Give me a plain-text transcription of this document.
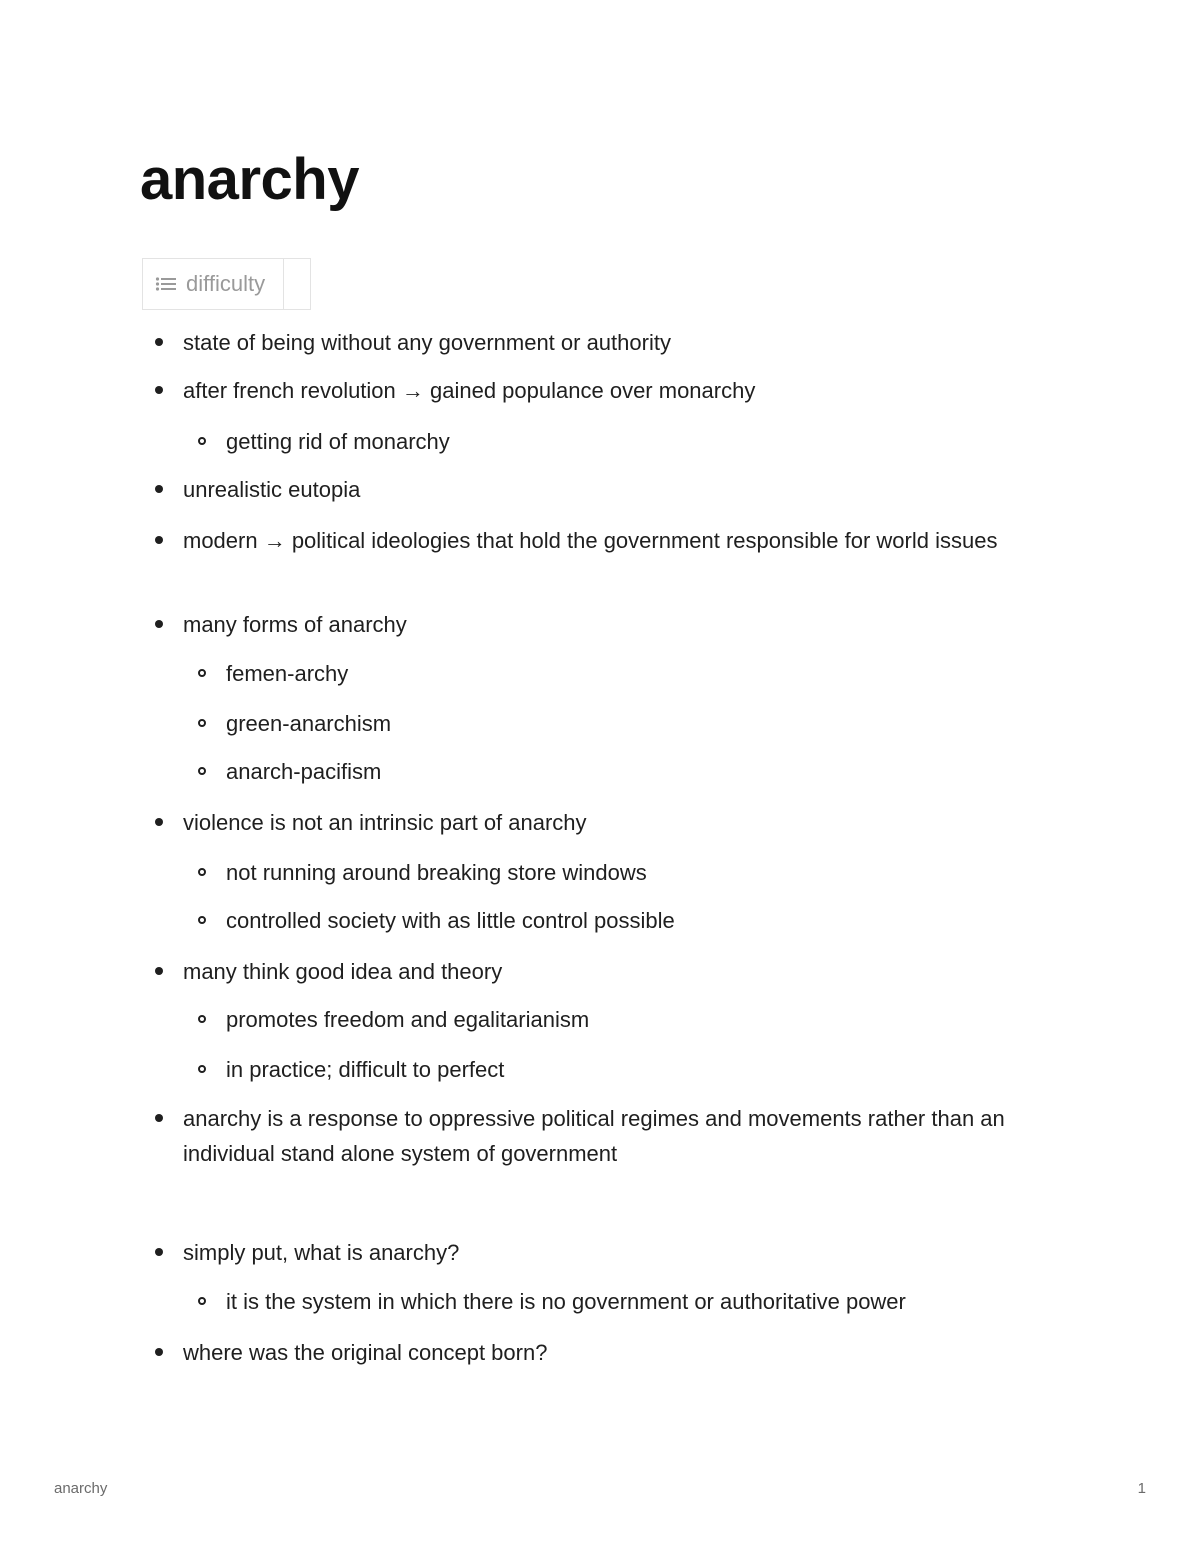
anarchy
difficulty
state of being without any government or authority
after french revolution → gained populance over monarchy
getting rid of monarchy
unrealistic eutopia
modern → political ideologies that hold the government responsible for world issues
many forms of anarchy
femen-archy
green-anarchism
anarch-pacifism
violence is not an intrinsic part of anarchy
not running around breaking store windows
controlled society with as little control possible
many think good idea and theory
promotes freedom and egalitarianism
in practice; difficult to perfect
anarchy is a response to oppressive political regimes and movements rather than an individual stand alone system of government
simply put, what is anarchy?
it is the system in which there is no government or authoritative power
where was the original concept born?
anarchy	1
